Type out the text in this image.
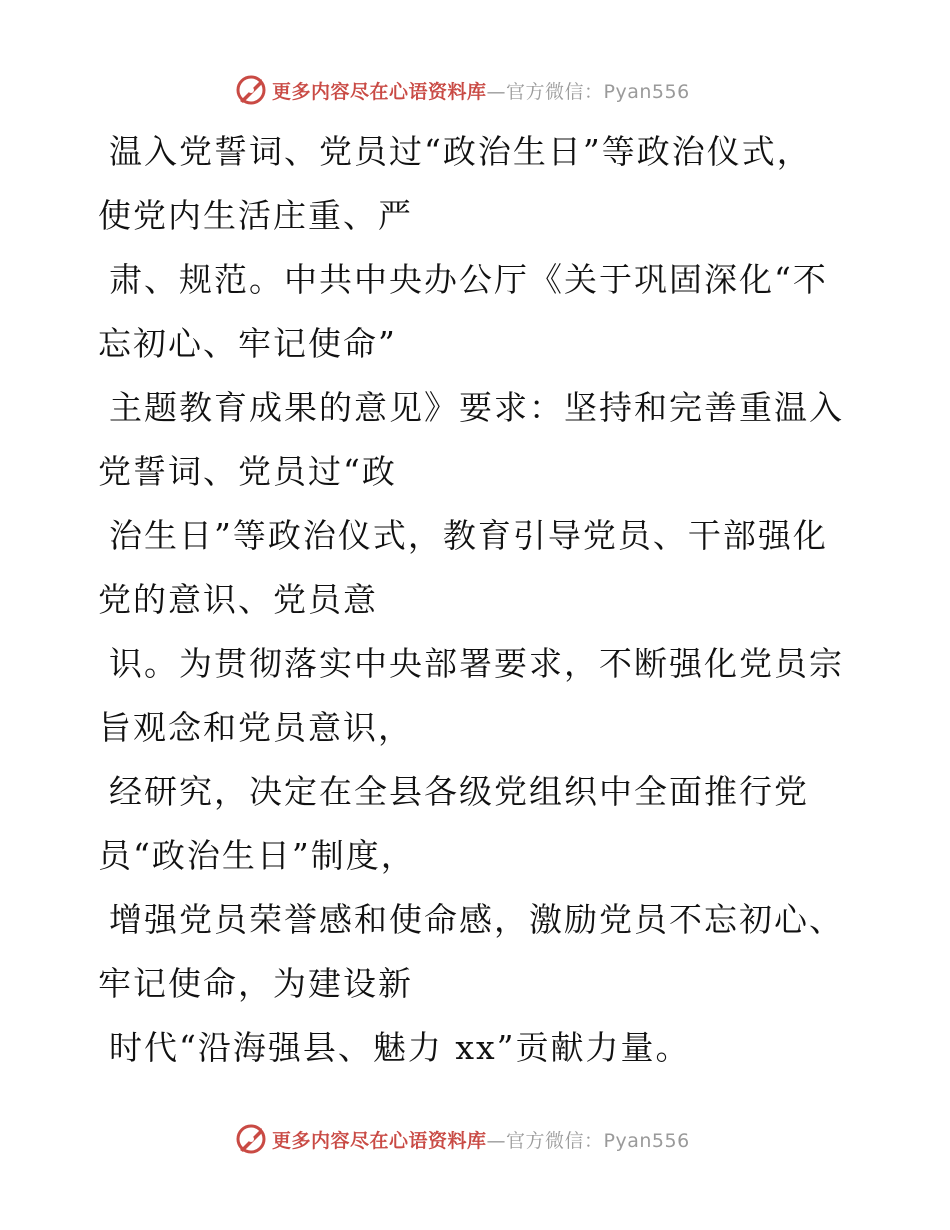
更多内容尽在心语资料库 —官方微信：Pyan556

温入党誓词、党员过“政治生日”等政治仪式，

使党内生活庄重、严

肃、规范。中共中央办公厅《关于巩固深化“不

忘初心、牢记使命”

主题教育成果的意见》要求：坚持和完善重温入

党誓词、党员过“政

治生日”等政治仪式，教育引导党员、干部强化

党的意识、党员意

识。为贯彻落实中央部署要求，不断强化党员宗

旨观念和党员意识，

经研究，决定在全县各级党组织中全面推行党

员“政治生日”制度，

增强党员荣誉感和使命感，激励党员不忘初心、

牢记使命，为建设新

时代“沿海强县、魅力 xx”贡献力量。

更多内容尽在心语资料库 —官方微信：Pyan556
